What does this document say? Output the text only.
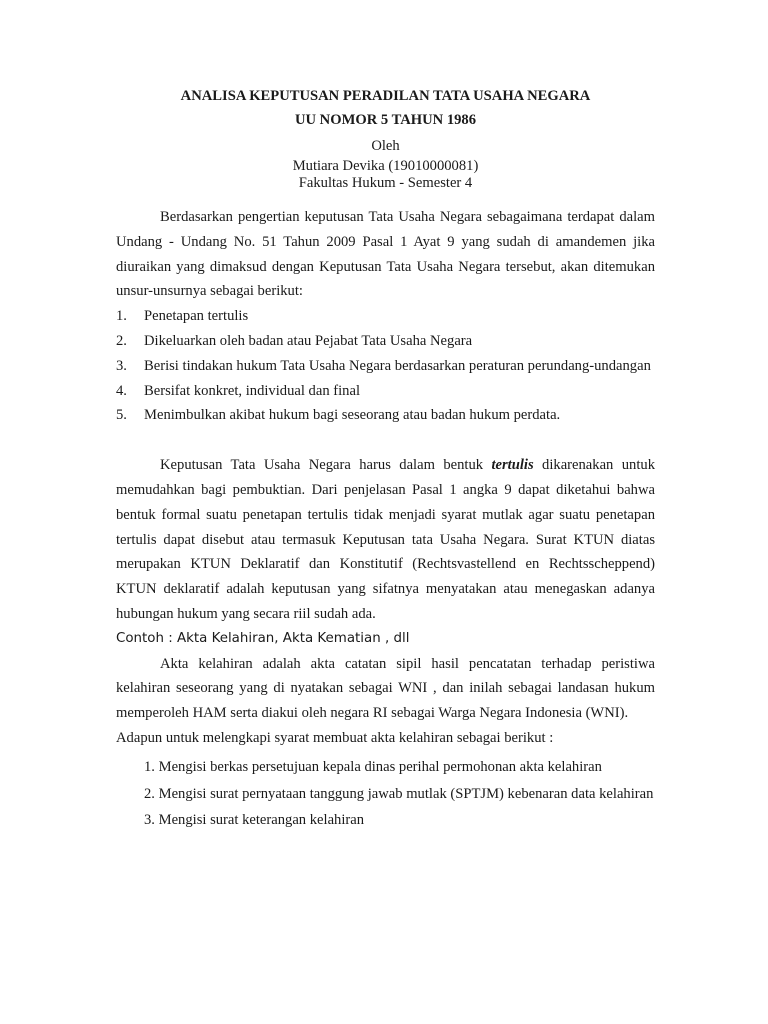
ANALISA KEPUTUSAN PERADILAN TATA USAHA NEGARA
UU NOMOR 5 TAHUN 1986
Oleh
Mutiara Devika (19010000081)
Fakultas Hukum - Semester 4

Berdasarkan pengertian keputusan Tata Usaha Negara sebagaimana terdapat dalam Undang - Undang No. 51 Tahun 2009 Pasal 1 Ayat 9 yang sudah di amandemen jika diuraikan yang dimaksud dengan Keputusan Tata Usaha Negara tersebut, akan ditemukan unsur-unsurnya sebagai berikut:

1. Penetapan tertulis
2. Dikeluarkan oleh badan atau Pejabat Tata Usaha Negara
3. Berisi tindakan hukum Tata Usaha Negara berdasarkan peraturan perundang-undangan
4. Bersifat konkret, individual dan final
5. Menimbulkan akibat hukum bagi seseorang atau badan hukum perdata.

Keputusan Tata Usaha Negara harus dalam bentuk tertulis dikarenakan untuk memudahkan bagi pembuktian. Dari penjelasan Pasal 1 angka 9 dapat diketahui bahwa bentuk formal suatu penetapan tertulis tidak menjadi syarat mutlak agar suatu penetapan tertulis dapat disebut atau termasuk Keputusan tata Usaha Negara. Surat KTUN diatas merupakan KTUN Deklaratif dan Konstitutif (Rechtsvastellend en Rechtsscheppend) KTUN deklaratif adalah keputusan yang sifatnya menyatakan atau menegaskan adanya hubungan hukum yang secara riil sudah ada.

Contoh : Akta Kelahiran, Akta Kematian , dll

Akta kelahiran adalah akta catatan sipil hasil pencatatan terhadap peristiwa kelahiran seseorang yang di nyatakan sebagai WNI , dan inilah sebagai landasan hukum memperoleh HAM serta diakui oleh negara RI sebagai Warga Negara Indonesia (WNI).

Adapun untuk melengkapi syarat membuat akta kelahiran sebagai berikut :

1. Mengisi berkas persetujuan kepala dinas perihal permohonan akta kelahiran
2. Mengisi surat pernyataan tanggung jawab mutlak (SPTJM) kebenaran data kelahiran
3. Mengisi surat keterangan kelahiran
